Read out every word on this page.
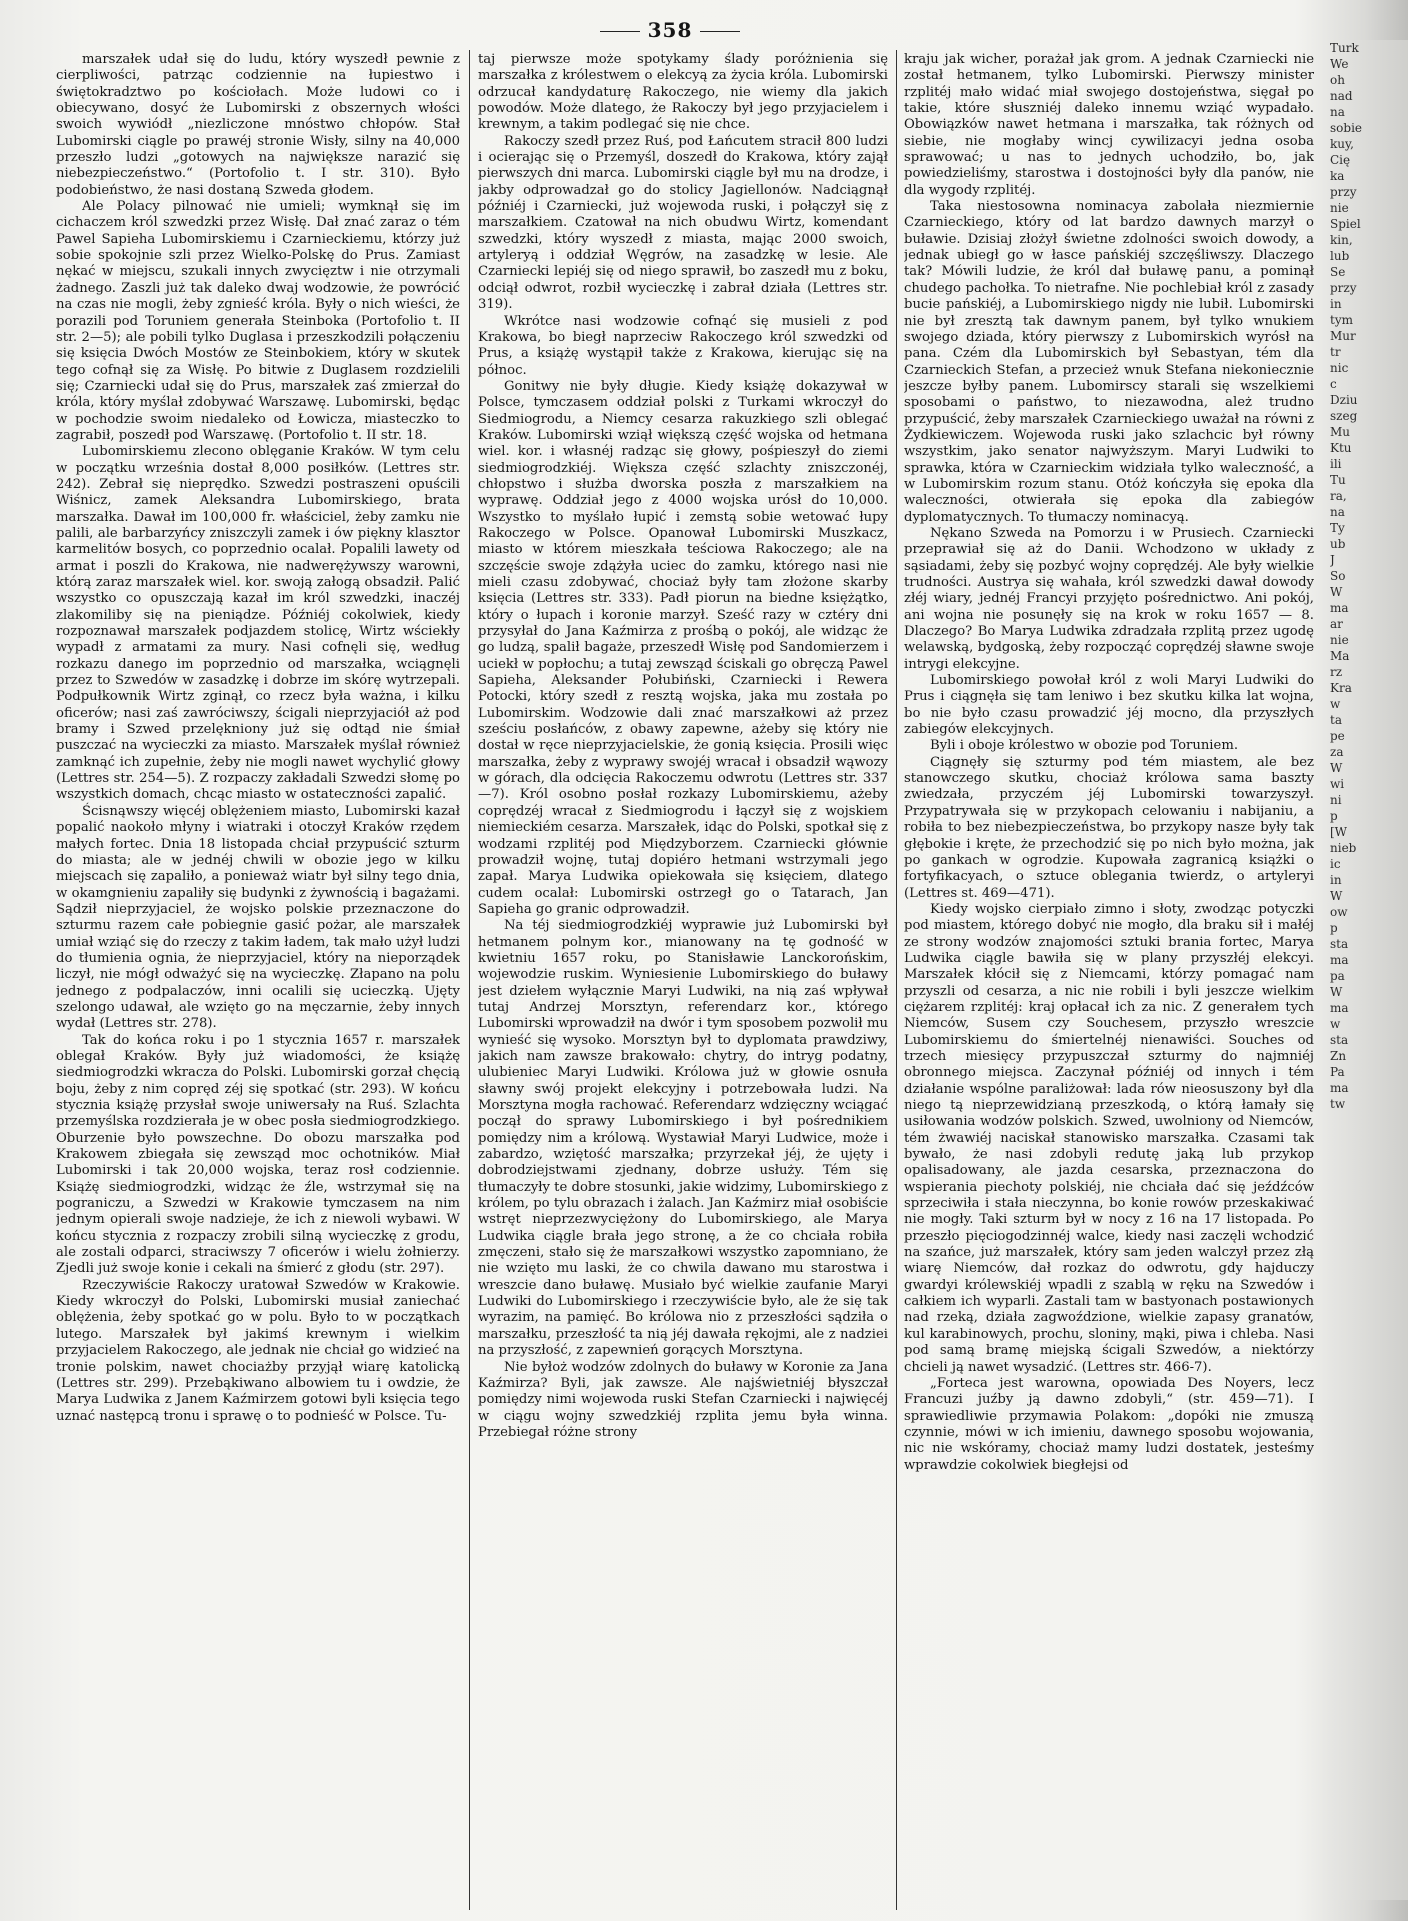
358

marszałek udał się do ludu, który wyszedł pewnie z cierpliwości, patrząc codziennie na łupiestwo i świętokradztwo po kościołach. Może ludowi co i obiecywano, dosyć że Lubomirski z obszernych włości swoich wywiódł „niezliczone mnóstwo chłopów. Stał Lubomirski ciągle po prawéj stronie Wisły, silny na 40,000 przeszło ludzi „gotowych na największe narazić się niebezpieczeństwo.“ (Portofolio t. I str. 310). Było podobieństwo, że nasi dostaną Szweda głodem.

Ale Polacy pilnować nie umieli; wymknął się im cichaczem król szwedzki przez Wisłę. Dał znać zaraz o tém Pawel Sapieha Lubomirskiemu i Czarnieckiemu, którzy już sobie spokojnie szli przez Wielko-Polskę do Prus. Zamiast nękać w miejscu, szukali innych zwycięztw i nie otrzymali żadnego. Zaszli już tak daleko dwaj wodzowie, że powrócić na czas nie mogli, żeby zgnieść króla. Były o nich wieści, że porazili pod Toruniem generała Steinboka (Portofolio t. II str. 2—5); ale pobili tylko Duglasa i przeszkodzili połączeniu się księcia Dwóch Mostów ze Steinbokiem, który w skutek tego cofnął się za Wisłę. Po bitwie z Duglasem rozdzielili się; Czarniecki udał się do Prus, marszałek zaś zmierzał do króla, który myślał zdobywać Warszawę. Lubomirski, będąc w pochodzie swoim niedaleko od Łowicza, miasteczko to zagrabił, poszedł pod Warszawę. (Portofolio t. II str. 18.

Lubomirskiemu zlecono oblęganie Kraków. W tym celu w początku września dostał 8,000 posiłków. (Lettres str. 242). Zebrał się nieprędko. Szwedzi postraszeni opuścili Wiśnicz, zamek Aleksandra Lubomirskiego, brata marszałka. Dawał im 100,000 fr. właściciel, żeby zamku nie palili, ale barbarzyńcy zniszczyli zamek i ów piękny klasztor karmelitów bosych, co poprzednio ocalał. Popalili lawety od armat i poszli do Krakowa, nie nadwerężywszy warowni, którą zaraz marszałek wiel. kor. swoją załogą obsadził. Palić wszystko co opuszczają kazał im król szwedzki, inaczéj zlakomiliby się na pieniądze. Późniéj cokolwiek, kiedy rozpoznawał marszałek podjazdem stolicę, Wirtz wściekły wypadł z armatami za mury. Nasi cofnęli się, według rozkazu danego im poprzednio od marszałka, wciągnęli przez to Szwedów w zasadzkę i dobrze im skórę wytrzepali. Podpułkownik Wirtz zginął, co rzecz była ważna, i kilku oficerów; nasi zaś zawróciwszy, ścigali nieprzyjaciół aż pod bramy i Szwed przelękniony już się odtąd nie śmiał puszczać na wycieczki za miasto. Marszałek myślał również zamknąć ich zupełnie, żeby nie mogli nawet wychylić głowy (Lettres str. 254—5). Z rozpaczy zakładali Szwedzi słomę po wszystkich domach, chcąc miasto w ostateczności zapalić.

Ścisnąwszy więcéj oblężeniem miasto, Lubomirski kazał popalić naokoło młyny i wiatraki i otoczył Kraków rzędem małych fortec. Dnia 18 listopada chciał przypuścić szturm do miasta; ale w jednéj chwili w obozie jego w kilku miejscach się zapaliło, a ponieważ wiatr był silny tego dnia, w okamgnieniu zapaliły się budynki z żywnością i bagażami. Sądził nieprzyjaciel, że wojsko polskie przeznaczone do szturmu razem całe pobiegnie gasić pożar, ale marszałek umiał wziąć się do rzeczy z takim ładem, tak mało użył ludzi do tłumienia ognia, że nieprzyjaciel, który na nieporządek liczył, nie mógł odważyć się na wycieczkę. Złapano na polu jednego z podpalaczów, inni ocalili się ucieczką. Ujęty szelongo udawał, ale wzięto go na męczarnie, żeby innych wydał (Lettres str. 278).

Tak do końca roku i po 1 stycznia 1657 r. marszałek oblegał Kraków. Były już wiadomości, że książę siedmiogrodzki wkracza do Polski. Lubomirski gorzał chęcią boju, żeby z nim copręd zéj się spotkać (str. 293). W końcu stycznia książę przysłał swoje uniwersały na Ruś. Szlachta przemyślska rozdzierała je w obec posła siedmiogrodzkiego. Oburzenie było powszechne. Do obozu marszałka pod Krakowem zbiegała się zewsząd moc ochotników. Miał Lubomirski i tak 20,000 wojska, teraz rosł codziennie. Książę siedmiogrodzki, widząc że źle, wstrzymał się na pograniczu, a Szwedzi w Krakowie tymczasem na nim jednym opierali swoje nadzieje, że ich z niewoli wybawi. W końcu stycznia z rozpaczy zrobili silną wycieczkę z grodu, ale zostali odparci, straciwszy 7 oficerów i wielu żołnierzy. Zjedli już swoje konie i cekali na śmierć z głodu (str. 297).

Rzeczywiście Rakoczy uratował Szwedów w Krakowie. Kiedy wkroczył do Polski, Lubomirski musiał zaniechać oblężenia, żeby spotkać go w polu. Było to w początkach lutego. Marszałek był jakimś krewnym i wielkim przyjacielem Rakoczego, ale jednak nie chciał go widzieć na tronie polskim, nawet chociażby przyjął wiarę katolicką (Lettres str. 299). Przebąkiwano albowiem tu i owdzie, że Marya Ludwika z Janem Kaźmirzem gotowi byli księcia tego uznać następcą tronu i sprawę o to podnieść w Polsce. Tu-

taj pierwsze może spotykamy ślady poróżnienia się marszałka z królestwem o elekcyą za życia króla. Lubomirski odrzucał kandydaturę Rakoczego, nie wiemy dla jakich powodów. Może dlatego, że Rakoczy był jego przyjacielem i krewnym, a takim podlegać się nie chce.

Rakoczy szedł przez Ruś, pod Łańcutem stracił 800 ludzi i ocierając się o Przemyśl, doszedł do Krakowa, który zajął pierwszych dni marca. Lubomirski ciągle był mu na drodze, i jakby odprowadzał go do stolicy Jagiellonów. Nadciągnął późniéj i Czarniecki, już wojewoda ruski, i połączył się z marszałkiem. Czatował na nich obudwu Wirtz, komendant szwedzki, który wyszedł z miasta, mając 2000 swoich, artyleryą i oddział Węgrów, na zasadzkę w lesie. Ale Czarniecki lepiéj się od niego sprawił, bo zaszedł mu z boku, odciął odwrot, rozbił wycieczkę i zabrał działa (Lettres str. 319).

Wkrótce nasi wodzowie cofnąć się musieli z pod Krakowa, bo biegł naprzeciw Rakoczego król szwedzki od Prus, a książę wystąpił także z Krakowa, kierując się na północ.

Gonitwy nie były długie. Kiedy książę dokazywał w Polsce, tymczasem oddział polski z Turkami wkroczył do Siedmiogrodu, a Niemcy cesarza rakuzkiego szli oblegać Kraków. Lubomirski wziął większą część wojska od hetmana wiel. kor. i własnéj radząc się głowy, pośpieszył do ziemi siedmiogrodzkiéj. Większa część szlachty zniszczonéj, chłopstwo i służba dworska poszła z marszałkiem na wyprawę. Oddział jego z 4000 wojska urósł do 10,000. Wszystko to myślało łupić i zemstą sobie wetować łupy Rakoczego w Polsce. Opanował Lubomirski Muszkacz, miasto w którem mieszkała teściowa Rakoczego; ale na szczęście swoje zdążyła uciec do zamku, którego nasi nie mieli czasu zdobywać, chociaż były tam złożone skarby księcia (Lettres str. 333). Padł piorun na biedne księżątko, który o łupach i koronie marzył. Sześć razy w cztéry dni przysyłał do Jana Kaźmirza z prośbą o pokój, ale widząc że go ludzą, spalił bagaże, przeszedł Wisłę pod Sandomierzem i uciekł w popłochu; a tutaj zewsząd ściskali go obręczą Pawel Sapieha, Aleksander Połubiński, Czarniecki i Rewera Potocki, który szedł z resztą wojska, jaka mu została po Lubomirskim. Wodzowie dali znać marszałkowi aż przez sześciu posłańców, z obawy zapewne, ażeby się który nie dostał w ręce nieprzyjacielskie, że gonią księcia. Prosili więc marszałka, żeby z wyprawy swojéj wracał i obsadził wąwozy w górach, dla odcięcia Rakoczemu odwrotu (Lettres str. 337—7). Król osobno posłał rozkazy Lubomirskiemu, ażeby coprędzéj wracał z Siedmiogrodu i łączył się z wojskiem niemieckiém cesarza. Marszałek, idąc do Polski, spotkał się z wodzami rzplitéj pod Międzyborzem. Czarniecki głównie prowadził wojnę, tutaj dopiéro hetmani wstrzymali jego zapał. Marya Ludwika opiekowała się księciem, dlatego cudem ocalał: Lubomirski ostrzegł go o Tatarach, Jan Sapieha go granic odprowadził.

Na téj siedmiogrodzkiéj wyprawie już Lubomirski był hetmanem polnym kor., mianowany na tę godność w kwietniu 1657 roku, po Stanisławie Lanckorońskim, wojewodzie ruskim. Wyniesienie Lubomirskiego do buławy jest dziełem wyłącznie Maryi Ludwiki, na nią zaś wpływał tutaj Andrzej Morsztyn, referendarz kor., którego Lubomirski wprowadził na dwór i tym sposobem pozwolił mu wynieść się wysoko. Morsztyn był to dyplomata prawdziwy, jakich nam zawsze brakowało: chytry, do intryg podatny, ulubieniec Maryi Ludwiki. Królowa już w głowie osnuła sławny swój projekt elekcyjny i potrzebowała ludzi. Na Morsztyna mogła rachować. Referendarz wdzięczny wciągać począł do sprawy Lubomirskiego i był pośrednikiem pomiędzy nim a królową. Wystawiał Maryi Ludwice, może i zabardzo, wziętość marszałka; przyrzekał jéj, że ujęty i dobrodziejstwami zjednany, dobrze usłuży. Tém się tłumaczyły te dobre stosunki, jakie widzimy, Lubomirskiego z królem, po tylu obrazach i żalach. Jan Kaźmirz miał osobiście wstręt nieprzezwyciężony do Lubomirskiego, ale Marya Ludwika ciągle brała jego stronę, a że co chciała robiła zmęczeni, stało się że marszałkowi wszystko zapomniano, że nie wzięto mu laski, że co chwila dawano mu starostwa i wreszcie dano buławę. Musiało być wielkie zaufanie Maryi Ludwiki do Lubomirskiego i rzeczywiście było, ale że się tak wyrazim, na pamięć. Bo królowa nio z przeszłości sądziła o marszałku, przeszłość ta nią jéj dawała rękojmi, ale z nadziei na przyszłość, z zapewnień gorących Morsztyna.

Nie byłoż wodzów zdolnych do buławy w Koronie za Jana Kaźmirza? Byli, jak zawsze. Ale najświetniéj błyszczał pomiędzy nimi wojewoda ruski Stefan Czarniecki i najwięcéj w ciągu wojny szwedzkiéj rzplita jemu była winna. Przebiegał różne strony

kraju jak wicher, porażał jak grom. A jednak Czarniecki nie został hetmanem, tylko Lubomirski. Pierwszy minister rzplitéj mało widać miał swojego dostojeństwa, sięgał po takie, które słuszniéj daleko innemu wziąć wypadało. Obowiązków nawet hetmana i marszałka, tak różnych od siebie, nie mogłaby wincj cywilizacyi jedna osoba sprawować; u nas to jednych uchodziło, bo, jak powiedzieliśmy, starostwa i dostojności były dla panów, nie dla wygody rzplitéj.

Taka niestosowna nominacya zabolała niezmiernie Czarnieckiego, który od lat bardzo dawnych marzył o buławie. Dzisiaj złożył świetne zdolności swoich dowody, a jednak ubiegł go w łasce pańskiéj szczęśliwszy. Dlaczego tak? Mówili ludzie, że król dał buławę panu, a pominął chudego pachołka. To nietrafne. Nie pochlebiał król z zasady bucie pańskiéj, a Lubomirskiego nigdy nie lubił. Lubomirski nie był zresztą tak dawnym panem, był tylko wnukiem swojego dziada, który pierwszy z Lubomirskich wyrósł na pana. Czém dla Lubomirskich był Sebastyan, tém dla Czarnieckich Stefan, a przecież wnuk Stefana niekoniecznie jeszcze byłby panem. Lubomirscy starali się wszelkiemi sposobami o państwo, to niezawodna, ależ trudno przypuścić, żeby marszałek Czarnieckiego uważał na równi z Żydkiewiczem. Wojewoda ruski jako szlachcic był równy wszystkim, jako senator najwyższym. Maryi Ludwiki to sprawka, która w Czarnieckim widziała tylko waleczność, a w Lubomirskim rozum stanu. Otóż kończyła się epoka dla waleczności, otwierała się epoka dla zabiegów dyplomatycznych. To tłumaczy nominacyą.

Nękano Szweda na Pomorzu i w Prusiech. Czarniecki przeprawiał się aż do Danii. Wchodzono w układy z sąsiadami, żeby się pozbyć wojny coprędzéj. Ale były wielkie trudności. Austrya się wahała, król szwedzki dawał dowody złéj wiary, jednéj Francyi przyjęto pośrednictwo. Ani pokój, ani wojna nie posunęły się na krok w roku 1657 — 8. Dlaczego? Bo Marya Ludwika zdradzała rzplitą przez ugodę welawską, bydgoską, żeby rozpocząć coprędzéj sławne swoje intrygi elekcyjne.

Lubomirskiego powołał król z woli Maryi Ludwiki do Prus i ciągnęła się tam leniwo i bez skutku kilka lat wojna, bo nie było czasu prowadzić jéj mocno, dla przyszłych zabiegów elekcyjnych.

Byli i oboje królestwo w obozie pod Toruniem.

Ciągnęły się szturmy pod tém miastem, ale bez stanowczego skutku, chociaż królowa sama baszty zwiedzała, przyczém jéj Lubomirski towarzyszył. Przypatrywała się w przykopach celowaniu i nabijaniu, a robiła to bez niebezpieczeństwa, bo przykopy nasze były tak głębokie i kręte, że przechodzić się po nich było można, jak po gankach w ogrodzie. Kupowała zagranicą książki o fortyfikacyach, o sztuce oblegania twierdz, o artyleryi (Lettres st. 469—471).

Kiedy wojsko cierpiało zimno i słoty, zwodząc potyczki pod miastem, którego dobyć nie mogło, dla braku sił i małéj ze strony wodzów znajomości sztuki brania fortec, Marya Ludwika ciągle bawiła się w plany przyszłéj elekcyi. Marszałek kłócił się z Niemcami, którzy pomagać nam przyszli od cesarza, a nic nie robili i byli jeszcze wielkim ciężarem rzplitéj: kraj opłacał ich za nic. Z generałem tych Niemców, Susem czy Souchesem, przyszło wreszcie Lubomirskiemu do śmiertelnéj nienawiści. Souches od trzech miesięcy przypuszczał szturmy do najmniéj obronnego miejsca. Zaczynał późniéj od innych i tém działanie wspólne paraliżował: lada rów nieosuszony był dla niego tą nieprzewidzianą przeszkodą, o którą łamały się usiłowania wodzów polskich. Szwed, uwolniony od Niemców, tém żwawiéj naciskał stanowisko marszałka. Czasami tak bywało, że nasi zdobyli redutę jaką lub przykop opalisadowany, ale jazda cesarska, przeznaczona do wspierania piechoty polskiéj, nie chciała dać się jeźdźców sprzeciwiła i stała nieczynna, bo konie rowów przeskakiwać nie mogły. Taki szturm był w nocy z 16 na 17 listopada. Po przeszło pięciogodzinnéj walce, kiedy nasi zaczęli wchodzić na szańce, już marszałek, który sam jeden walczył przez złą wiarę Niemców, dał rozkaz do odwrotu, gdy hajduczy gwardyi królewskiéj wpadli z szablą w ręku na Szwedów i całkiem ich wyparli. Zastali tam w bastyonach postawionych nad rzeką, działa zagwoździone, wielkie zapasy granatów, kul karabinowych, prochu, sloniny, mąki, piwa i chleba. Nasi pod samą bramę miejską ścigali Szwedów, a niektórzy chcieli ją nawet wysadzić. (Lettres str. 466-7).

„Forteca jest warowna, opowiada Des Noyers, lecz Francuzi juźby ją dawno zdobyli,“ (str. 459—71). I sprawiedliwie przymawia Polakom: „dopóki nie zmuszą czynnie, mówi w ich imieniu, dawnego sposobu wojowania, nic nie wskóramy, chociaż mamy ludzi dostatek, jesteśmy wprawdzie cokolwiek biegłejsi od

Turk
We
oh
nad
na
sobie
kuy,
Cię
ka
przy
nie
Spiel
kin,
lub
Se
przy
in
tym
Mur
tr
nic
c
Dziu
szeg
Mu
Ktu
ili
Tu
ra,
na
Ty
ub
J
So
W
ma
ar
nie
Ma
rz
Kra
w
ta
pe
za
W
wi
ni
p
[W
nieb
ic
in
W
ow
p
sta
ma
pa
W
ma
w
sta
Zn
Pa
ma
tw
